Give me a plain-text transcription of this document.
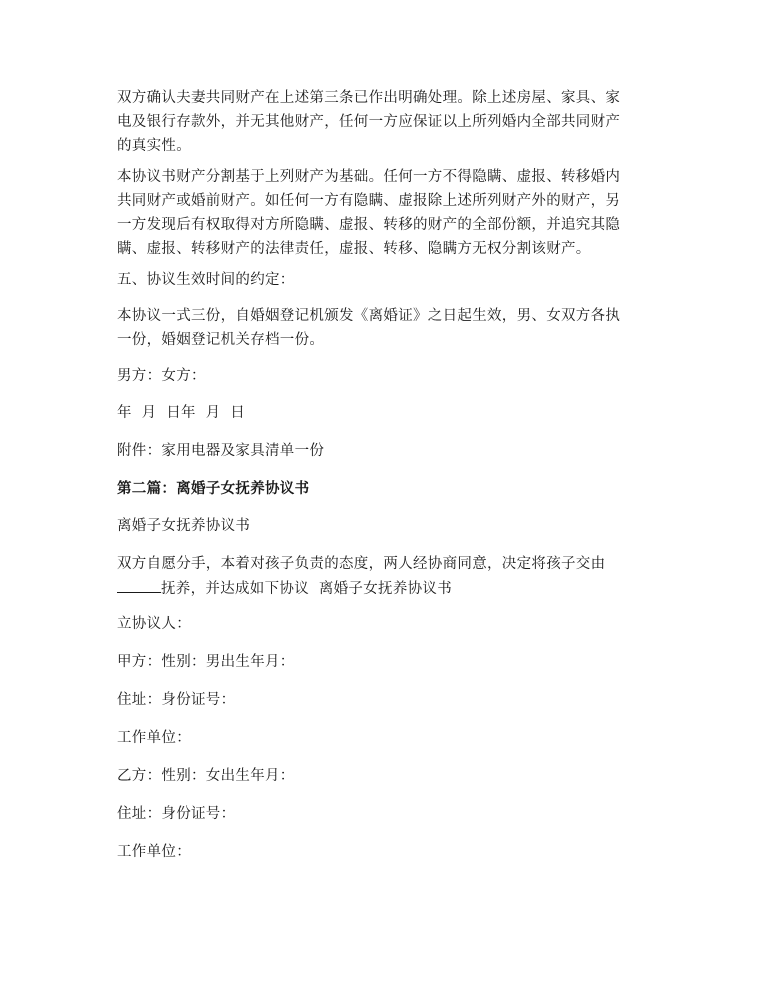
双方确认夫妻共同财产在上述第三条已作出明确处理。除上述房屋、家具、家
电及银行存款外，并无其他财产，任何一方应保证以上所列婚内全部共同财产
的真实性。

本协议书财产分割基于上列财产为基础。任何一方不得隐瞒、虚报、转移婚内
共同财产或婚前财产。如任何一方有隐瞒、虚报除上述所列财产外的财产，另
一方发现后有权取得对方所隐瞒、虚报、转移的财产的全部份额，并追究其隐
瞒、虚报、转移财产的法律责任，虚报、转移、隐瞒方无权分割该财产。

五、协议生效时间的约定：

本协议一式三份，自婚姻登记机颁发《离婚证》之日起生效，男、女双方各执
一份，婚姻登记机关存档一份。

男方：女方：

年  月  日年  月  日

附件：家用电器及家具清单一份

第二篇：离婚子女抚养协议书

离婚子女抚养协议书

双方自愿分手，本着对孩子负责的态度，两人经协商同意，决定将孩子交由
抚养，并达成如下协议  离婚子女抚养协议书

立协议人：

甲方：性别：男出生年月：

住址：身份证号：

工作单位：

乙方：性别：女出生年月：

住址：身份证号：

工作单位：
